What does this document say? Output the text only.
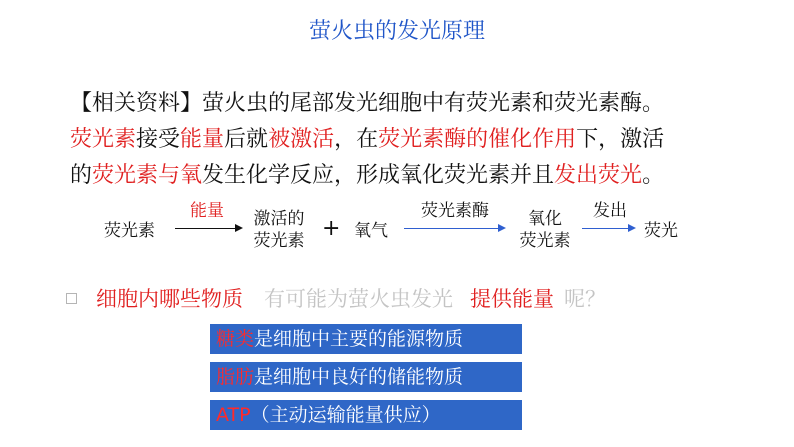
萤火虫的发光原理
【相关资料】萤火虫的尾部发光细胞中有荧光素和荧光素酶。
荧光素接受能量后就被激活，在荧光素酶的催化作用下，激活
的荧光素与氧发生化学反应，形成氧化荧光素并且发出荧光。
荧光素
能量	激活的
荧光素 + 氧气
荧光素酶	氧化
荧光素
发出
荧光
细胞内哪些物质 有可能为萤火虫发光 提供能量 呢？
糖类是细胞中主要的能源物质
脂肪是细胞中良好的储能物质
ATP（主动运输能量供应）
